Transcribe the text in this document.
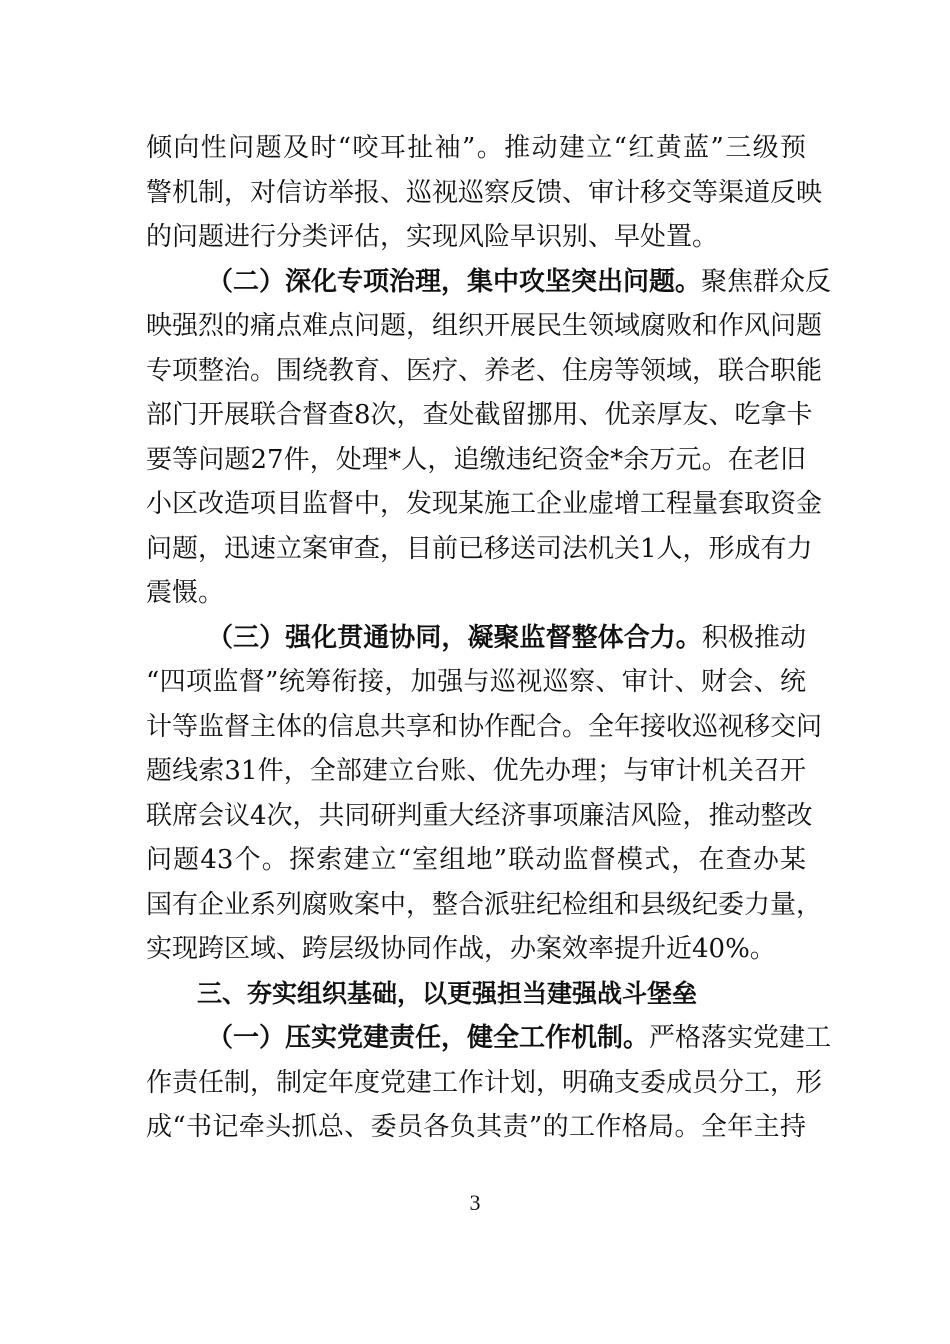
倾向性问题及时“咬耳扯袖”。推动建立“红黄蓝”三级预
警机制，对信访举报、巡视巡察反馈、审计移交等渠道反映
的问题进行分类评估，实现风险早识别、早处置。
（二）深化专项治理，集中攻坚突出问题。聚焦群众反
映强烈的痛点难点问题，组织开展民生领域腐败和作风问题
专项整治。围绕教育、医疗、养老、住房等领域，联合职能
部门开展联合督查8次，查处截留挪用、优亲厚友、吃拿卡
要等问题27件，处理*人，追缴违纪资金*余万元。在老旧
小区改造项目监督中，发现某施工企业虚增工程量套取资金
问题，迅速立案审查，目前已移送司法机关1人，形成有力
震慑。
（三）强化贯通协同，凝聚监督整体合力。积极推动
“四项监督”统筹衔接，加强与巡视巡察、审计、财会、统
计等监督主体的信息共享和协作配合。全年接收巡视移交问
题线索31件，全部建立台账、优先办理；与审计机关召开
联席会议4次，共同研判重大经济事项廉洁风险，推动整改
问题43个。探索建立“室组地”联动监督模式，在查办某
国有企业系列腐败案中，整合派驻纪检组和县级纪委力量，
实现跨区域、跨层级协同作战，办案效率提升近40%。
三、夯实组织基础，以更强担当建强战斗堡垒
（一）压实党建责任，健全工作机制。严格落实党建工
作责任制，制定年度党建工作计划，明确支委成员分工，形
成“书记牵头抓总、委员各负其责”的工作格局。全年主持
3
